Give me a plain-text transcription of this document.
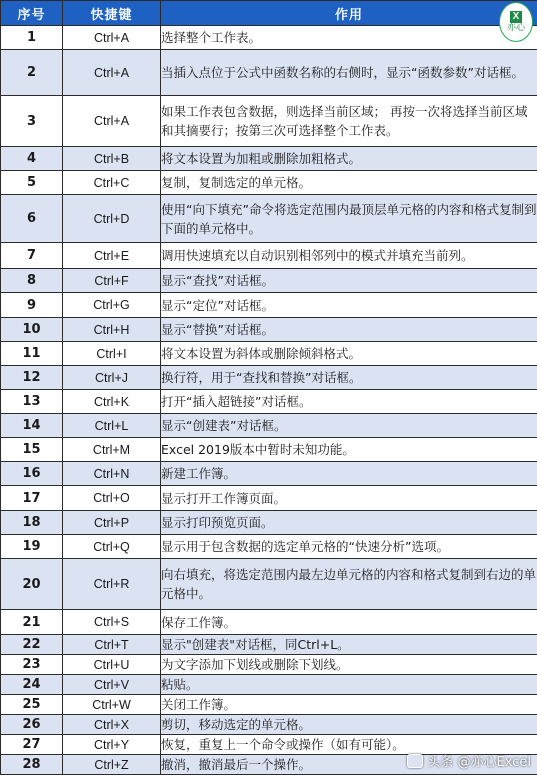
序号	快捷键	作用
1	Ctrl+A	选择整个工作表。
2	Ctrl+A	当插入点位于公式中函数名称的右侧时，显示“函数参数”对话框。
3	Ctrl+A	如果工作表包含数据，则选择当前区域； 再按一次将选择当前区域和其摘要行；按第三次可选择整个工作表。
4	Ctrl+B	将文本设置为加粗或删除加粗格式。
5	Ctrl+C	复制，复制选定的单元格。
6	Ctrl+D	使用“向下填充”命令将选定范围内最顶层单元格的内容和格式复制到下面的单元格中。
7	Ctrl+E	调用快速填充以自动识别相邻列中的模式并填充当前列。
8	Ctrl+F	显示“查找”对话框。
9	Ctrl+G	显示“定位”对话框。
10	Ctrl+H	显示“替换”对话框。
11	Ctrl+I	将文本设置为斜体或删除倾斜格式。
12	Ctrl+J	换行符，用于“查找和替换”对话框。
13	Ctrl+K	打开“插入超链接”对话框。
14	Ctrl+L	显示“创建表”对话框。
15	Ctrl+M	Excel 2019版本中暂时未知功能。
16	Ctrl+N	新建工作簿。
17	Ctrl+O	显示打开工作簿页面。
18	Ctrl+P	显示打印预览页面。
19	Ctrl+Q	显示用于包含数据的选定单元格的“快速分析”选项。
20	Ctrl+R	向右填充，将选定范围内最左边单元格的内容和格式复制到右边的单元格中。
21	Ctrl+S	保存工作簿。
22	Ctrl+T	显示"创建表"对话框，同Ctrl+L。
23	Ctrl+U	为文字添加下划线或删除下划线。
24	Ctrl+V	粘贴。
25	Ctrl+W	关闭工作簿。
26	Ctrl+X	剪切，移动选定的单元格。
27	Ctrl+Y	恢复，重复上一个命令或操作（如有可能）。
28	Ctrl+Z	撤消，撤消最后一个操作。
X
亦心
头条 @亦心Excel
